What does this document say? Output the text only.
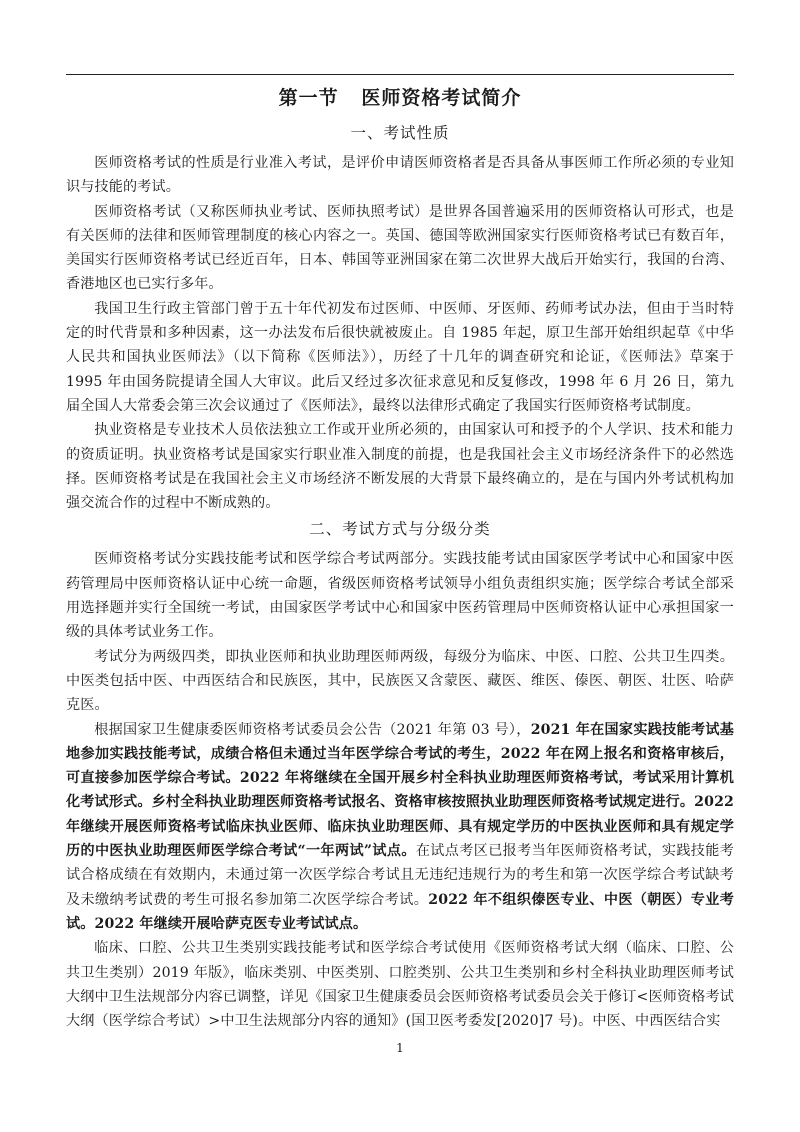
第一节   医师资格考试简介
一、考试性质

医师资格考试的性质是行业准入考试，是评价申请医师资格者是否具备从事医师工作所必须的专业知识与技能的考试。

医师资格考试（又称医师执业考试、医师执照考试）是世界各国普遍采用的医师资格认可形式，也是有关医师的法律和医师管理制度的核心内容之一。英国、德国等欧洲国家实行医师资格考试已有数百年，美国实行医师资格考试已经近百年，日本、韩国等亚洲国家在第二次世界大战后开始实行，我国的台湾、香港地区也已实行多年。

我国卫生行政主管部门曾于五十年代初发布过医师、中医师、牙医师、药师考试办法，但由于当时特定的时代背景和多种因素，这一办法发布后很快就被废止。自 1985 年起，原卫生部开始组织起草《中华人民共和国执业医师法》（以下简称《医师法》），历经了十几年的调查研究和论证，《医师法》草案于 1995 年由国务院提请全国人大审议。此后又经过多次征求意见和反复修改，1998 年 6 月 26 日，第九届全国人大常委会第三次会议通过了《医师法》，最终以法律形式确定了我国实行医师资格考试制度。

执业资格是专业技术人员依法独立工作或开业所必须的，由国家认可和授予的个人学识、技术和能力的资质证明。执业资格考试是国家实行职业准入制度的前提，也是我国社会主义市场经济条件下的必然选择。医师资格考试是在我国社会主义市场经济不断发展的大背景下最终确立的，是在与国内外考试机构加强交流合作的过程中不断成熟的。

二、考试方式与分级分类

医师资格考试分实践技能考试和医学综合考试两部分。实践技能考试由国家医学考试中心和国家中医药管理局中医师资格认证中心统一命题，省级医师资格考试领导小组负责组织实施；医学综合考试全部采用选择题并实行全国统一考试，由国家医学考试中心和国家中医药管理局中医师资格认证中心承担国家一级的具体考试业务工作。

考试分为两级四类，即执业医师和执业助理医师两级，每级分为临床、中医、口腔、公共卫生四类。中医类包括中医、中西医结合和民族医，其中，民族医又含蒙医、藏医、维医、傣医、朝医、壮医、哈萨克医。

根据国家卫生健康委医师资格考试委员会公告（2021 年第 03 号），2021 年在国家实践技能考试基地参加实践技能考试，成绩合格但未通过当年医学综合考试的考生，2022 年在网上报名和资格审核后，可直接参加医学综合考试。2022 年将继续在全国开展乡村全科执业助理医师资格考试，考试采用计算机化考试形式。乡村全科执业助理医师资格考试报名、资格审核按照执业助理医师资格考试规定进行。2022 年继续开展医师资格考试临床执业医师、临床执业助理医师、具有规定学历的中医执业医师和具有规定学历的中医执业助理医师医学综合考试“一年两试”试点。在试点考区已报考当年医师资格考试，实践技能考试合格成绩在有效期内，未通过第一次医学综合考试且无违纪违规行为的考生和第一次医学综合考试缺考及未缴纳考试费的考生可报名参加第二次医学综合考试。2022 年不组织傣医专业、中医（朝医）专业考试。2022 年继续开展哈萨克医专业考试试点。

临床、口腔、公共卫生类别实践技能考试和医学综合考试使用《医师资格考试大纲（临床、口腔、公共卫生类别）2019 年版》，临床类别、中医类别、口腔类别、公共卫生类别和乡村全科执业助理医师考试大纲中卫生法规部分内容已调整，详见《国家卫生健康委员会医师资格考试委员会关于修订<医师资格考试大纲（医学综合考试）>中卫生法规部分内容的通知》(国卫医考委发[2020]7 号)。中医、中西医结合实

1
